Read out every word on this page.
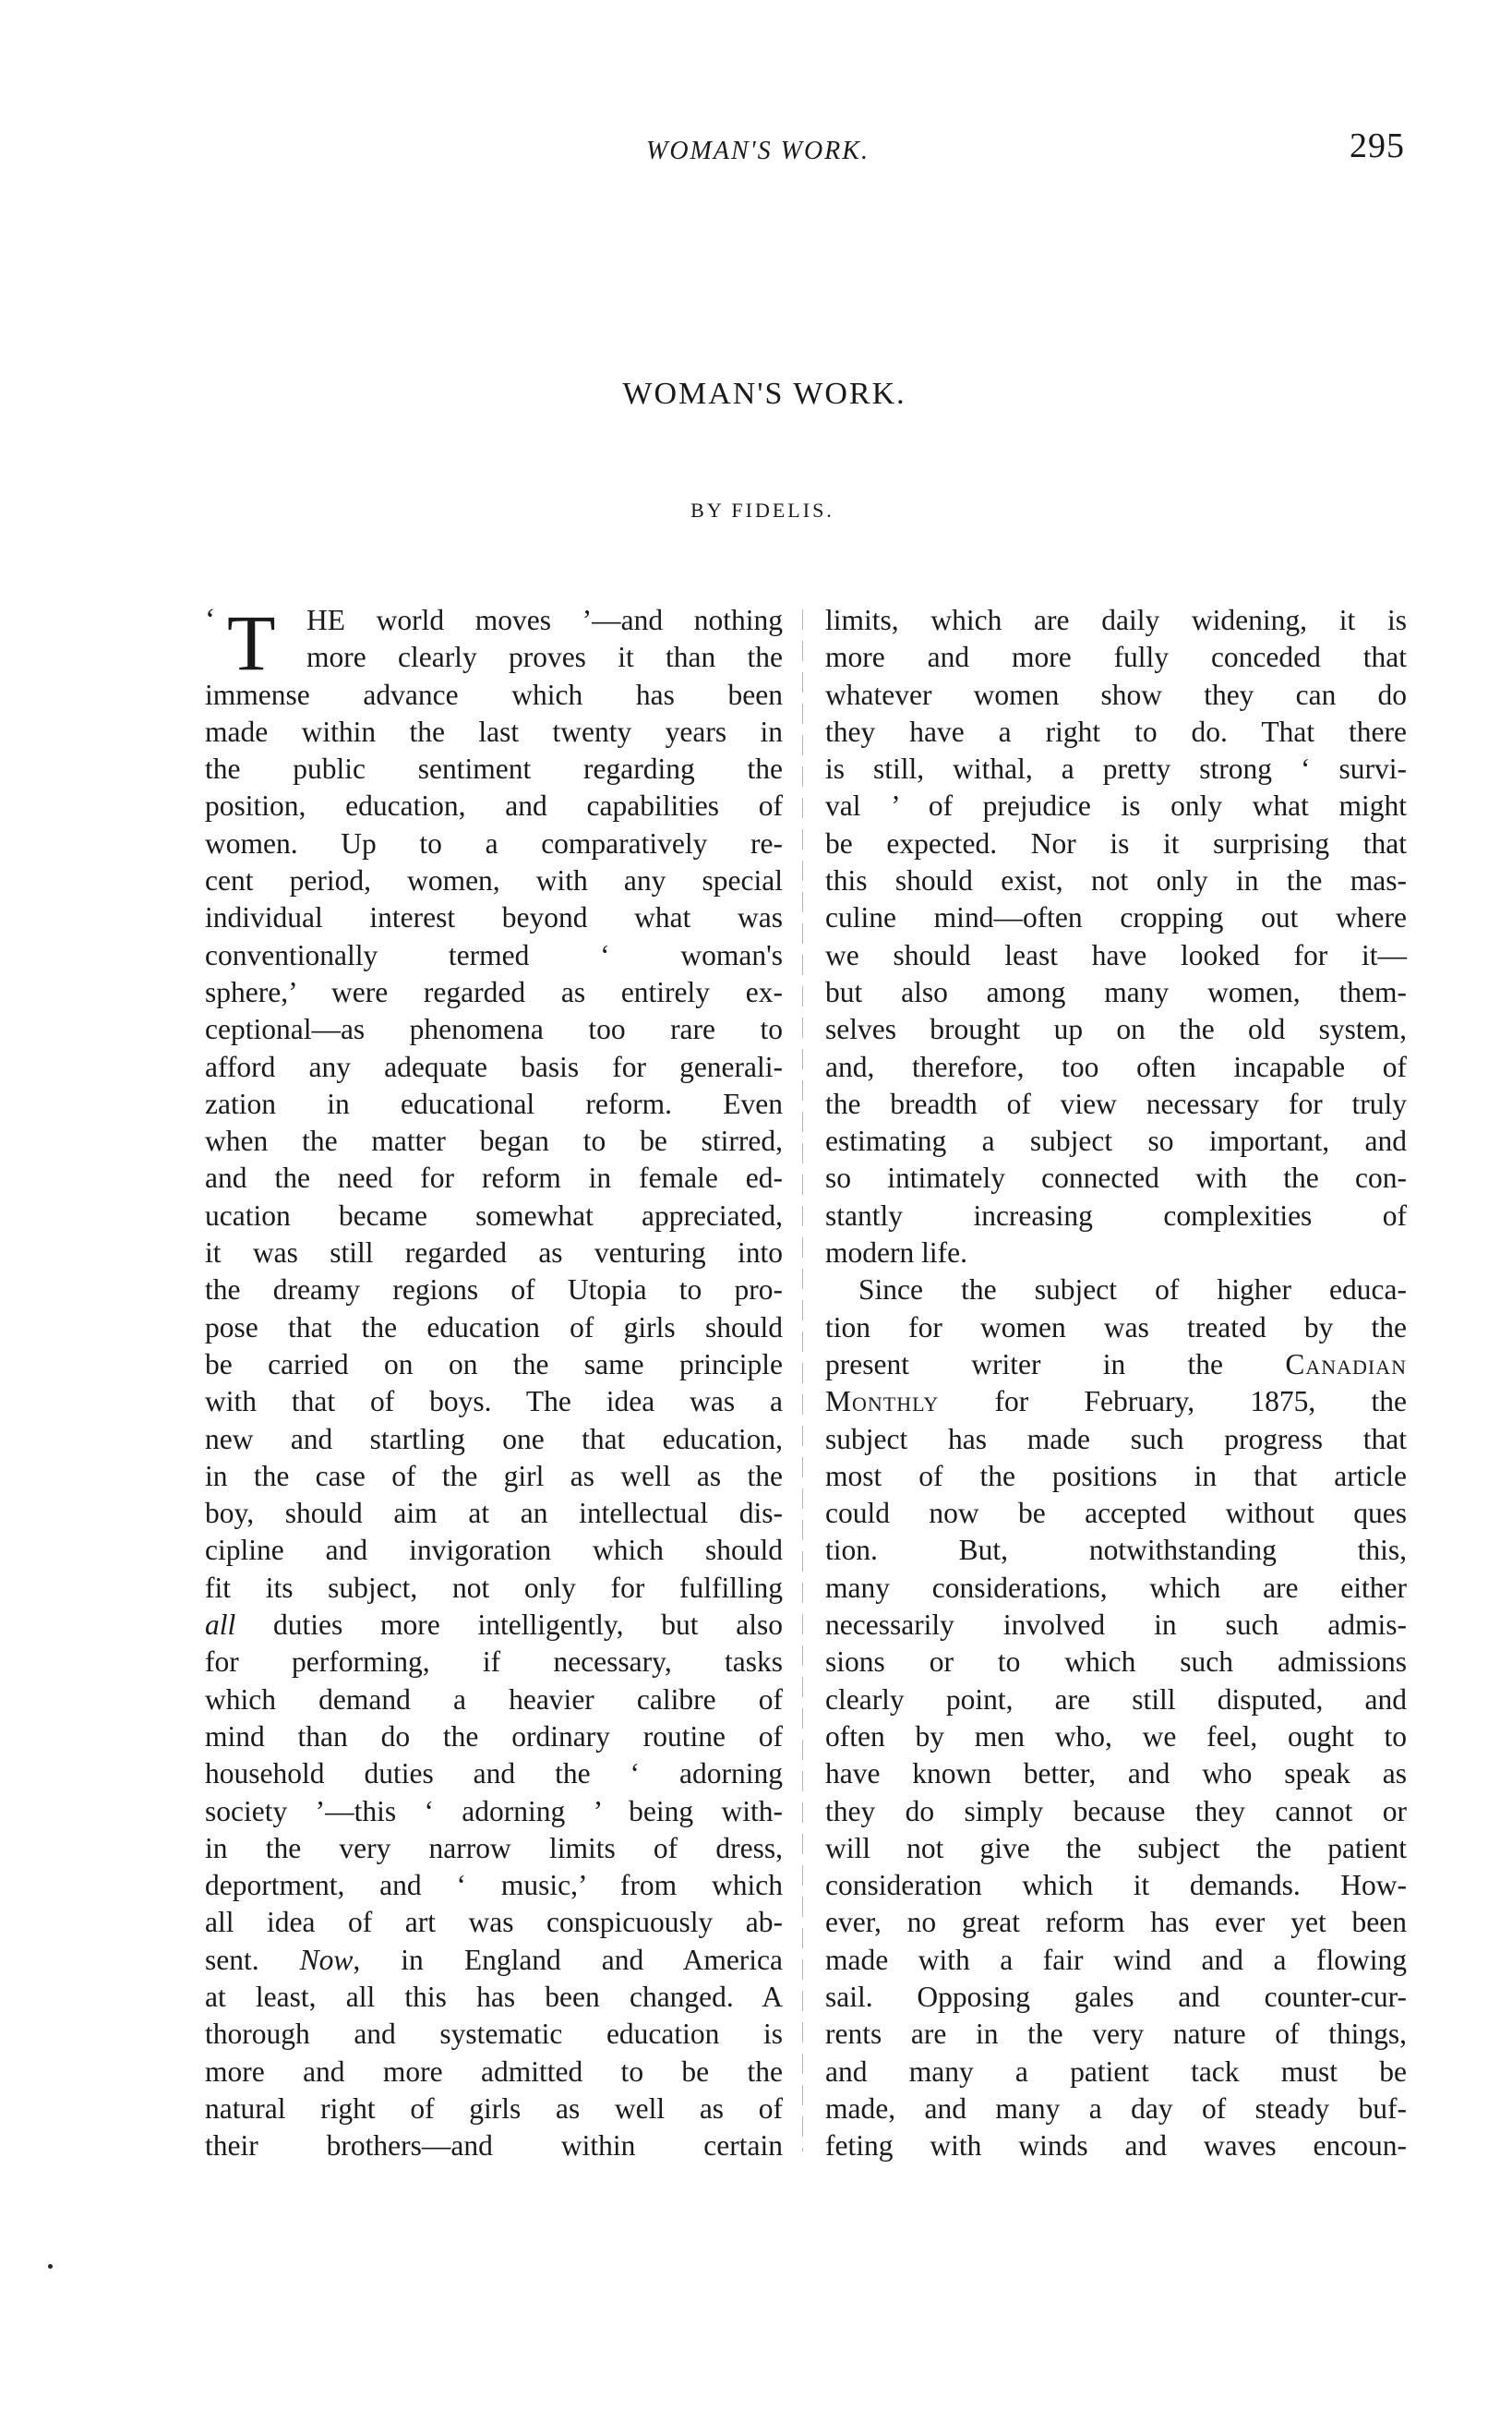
WOMAN'S WORK.	295
WOMAN'S WORK.
BY FIDELIS.
‘ T	HE world moves ’—and nothing
more clearly proves it than the
immense advance which has been
made within the last twenty years in
the public sentiment regarding the
position, education, and capabilities of
women. Up to a comparatively re-
cent period, women, with any special
individual interest beyond what was
conventionally termed ‘ woman's
sphere,’ were regarded as entirely ex-
ceptional—as phenomena too rare to
afford any adequate basis for generali-
zation in educational reform. Even
when the matter began to be stirred,
and the need for reform in female ed-
ucation became somewhat appreciated,
it was still regarded as venturing into
the dreamy regions of Utopia to pro-
pose that the education of girls should
be carried on on the same principle
with that of boys. The idea was a
new and startling one that education,
in the case of the girl as well as the
boy, should aim at an intellectual dis-
cipline and invigoration which should
fit its subject, not only for fulfilling
all duties more intelligently, but also
for performing, if necessary, tasks
which demand a heavier calibre of
mind than do the ordinary routine of
household duties and the ‘ adorning
society ’—this ‘ adorning ’ being with-
in the very narrow limits of dress,
deportment, and ‘ music,’ from which
all idea of art was conspicuously ab-
sent. Now, in England and America
at least, all this has been changed. A
thorough and systematic education is
more and more admitted to be the
natural right of girls as well as of
their brothers—and within certain
limits, which are daily widening, it is
more and more fully conceded that
whatever women show they can do
they have a right to do. That there
is still, withal, a pretty strong ‘ survi-
val ’ of prejudice is only what might
be expected. Nor is it surprising that
this should exist, not only in the mas-
culine mind—often cropping out where
we should least have looked for it—
but also among many women, them-
selves brought up on the old system,
and, therefore, too often incapable of
the breadth of view necessary for truly
estimating a subject so important, and
so intimately connected with the con-
stantly increasing complexities of
modern life.
Since the subject of higher educa-
tion for women was treated by the
present writer in the Canadian
Monthly for February, 1875, the
subject has made such progress that
most of the positions in that article
could now be accepted without ques
tion. But, notwithstanding this,
many considerations, which are either
necessarily involved in such admis-
sions or to which such admissions
clearly point, are still disputed, and
often by men who, we feel, ought to
have known better, and who speak as
they do simply because they cannot or
will not give the subject the patient
consideration which it demands. How-
ever, no great reform has ever yet been
made with a fair wind and a flowing
sail. Opposing gales and counter-cur-
rents are in the very nature of things,
and many a patient tack must be
made, and many a day of steady buf-
feting with winds and waves encoun-
